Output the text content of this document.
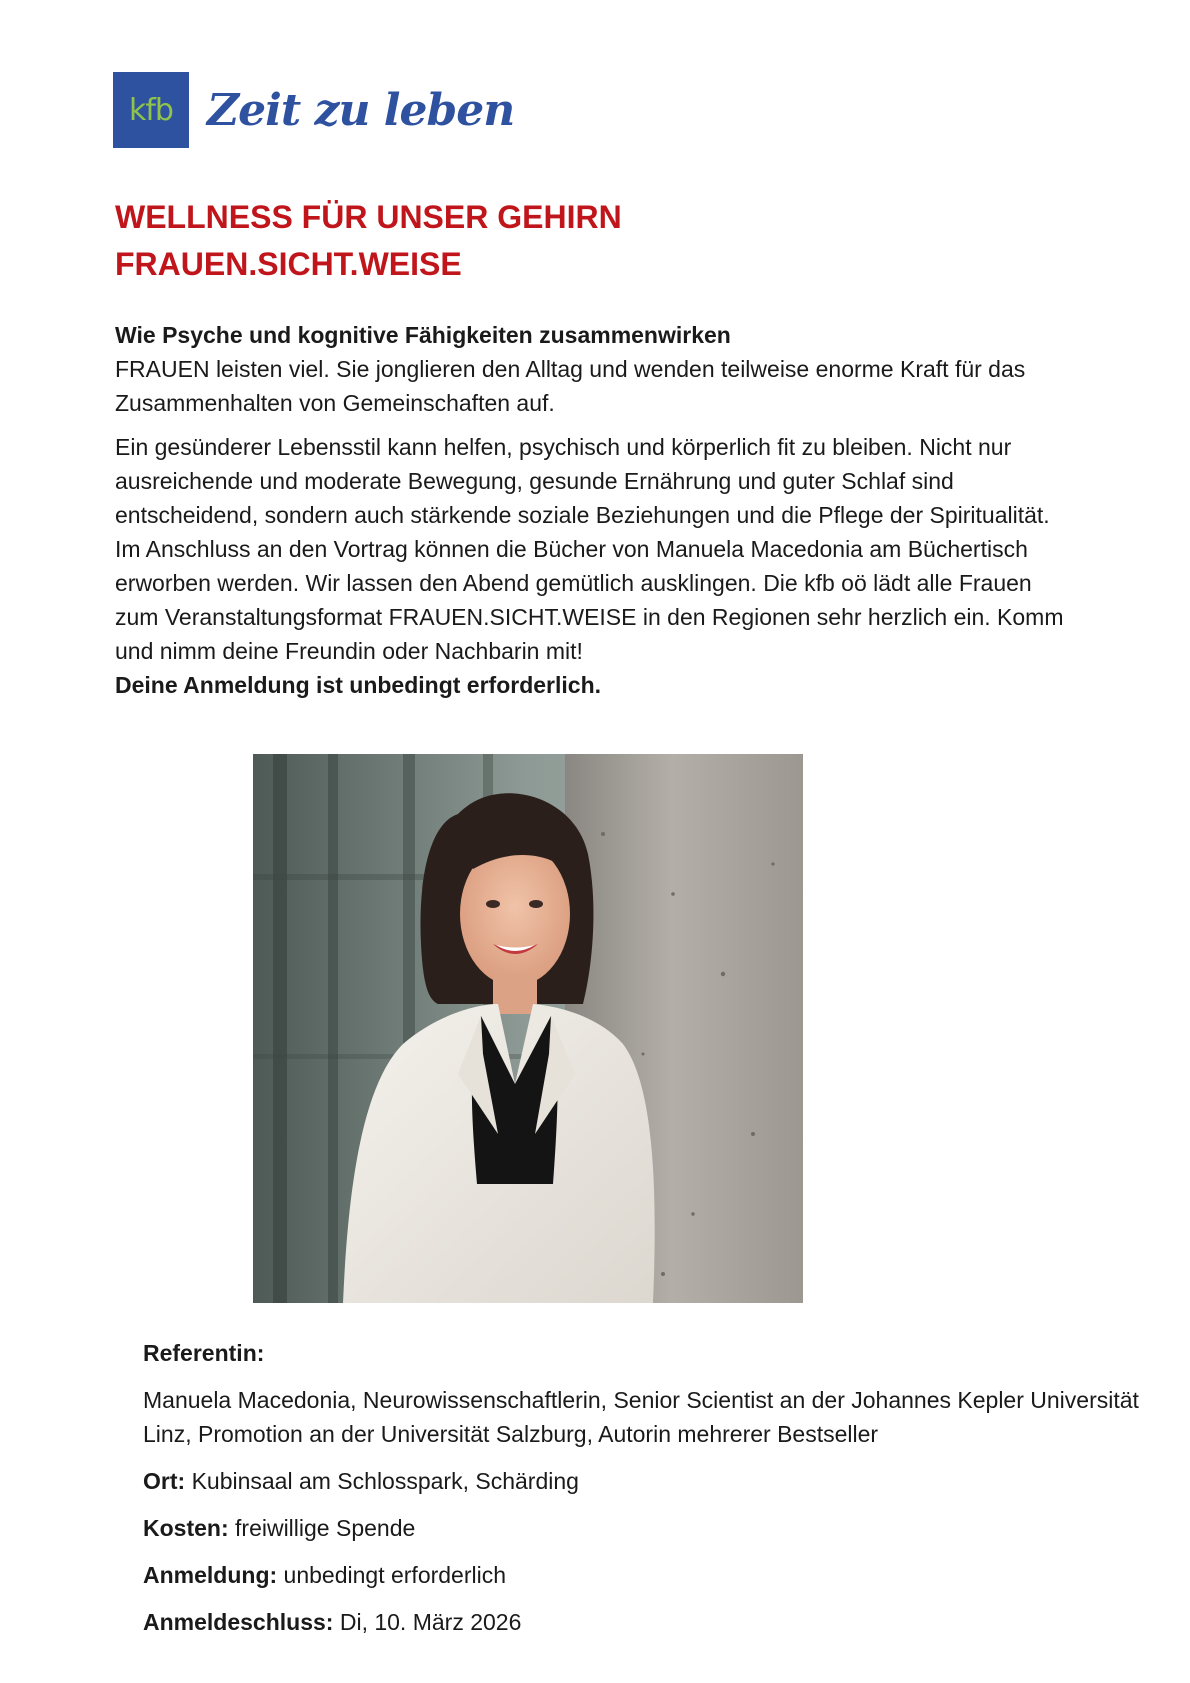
kfb Zeit zu leben
WELLNESS FÜR UNSER GEHIRN
FRAUEN.SICHT.WEISE

Wie Psyche und kognitive Fähigkeiten zusammenwirken

FRAUEN leisten viel. Sie jonglieren den Alltag und wenden teilweise enorme Kraft für das Zusammenhalten von Gemeinschaften auf.

Ein gesünderer Lebensstil kann helfen, psychisch und körperlich fit zu bleiben. Nicht nur ausreichende und moderate Bewegung, gesunde Ernährung und guter Schlaf sind entscheidend, sondern auch stärkende soziale Beziehungen und die Pflege der Spiritualität. Im Anschluss an den Vortrag können die Bücher von Manuela Macedonia am Büchertisch erworben werden. Wir lassen den Abend gemütlich ausklingen. Die kfb oö lädt alle Frauen zum Veranstaltungsformat FRAUEN.SICHT.WEISE in den Regionen sehr herzlich ein. Komm und nimm deine Freundin oder Nachbarin mit!

Deine Anmeldung ist unbedingt erforderlich.

Referentin:

Manuela Macedonia, Neurowissenschaftlerin, Senior Scientist an der Johannes Kepler Universität Linz, Promotion an der Universität Salzburg, Autorin mehrerer Bestseller

Ort: Kubinsaal am Schlosspark, Schärding

Kosten: freiwillige Spende

Anmeldung: unbedingt erforderlich

Anmeldeschluss: Di, 10. März 2026
